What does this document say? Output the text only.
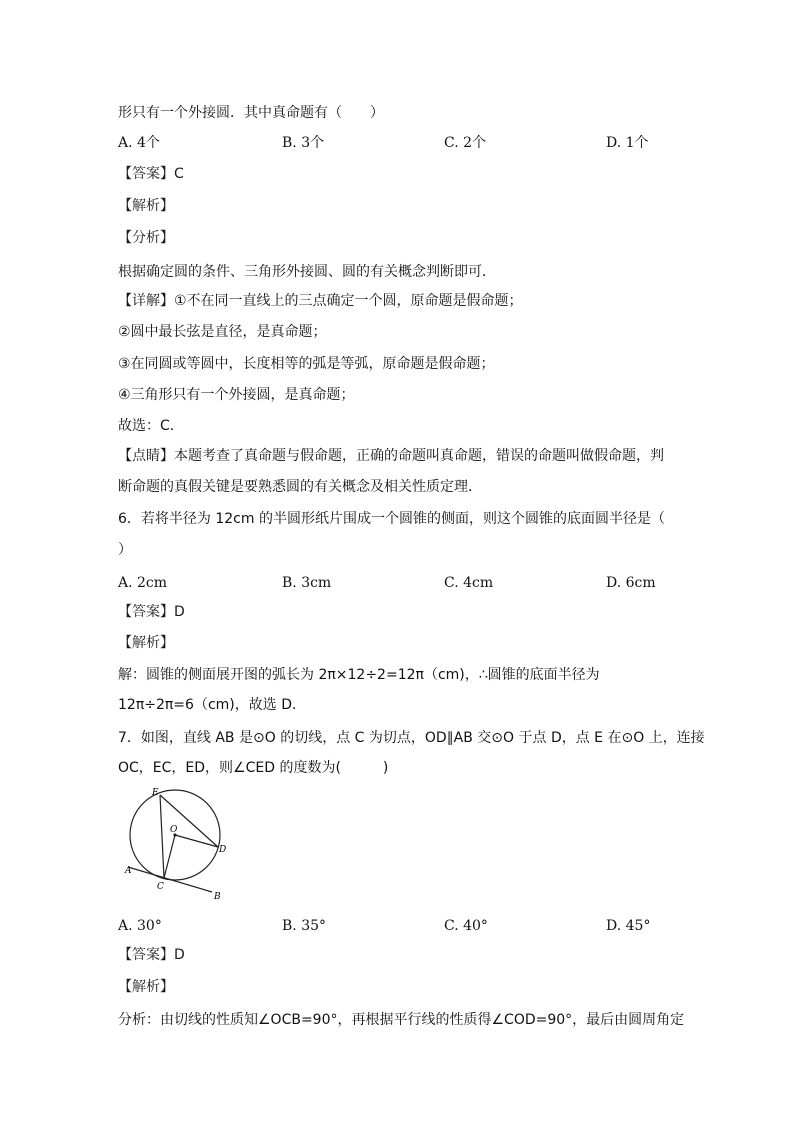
形只有一个外接圆．其中真命题有（　　）
A. 4个	B. 3个	C. 2个	D. 1个
【答案】C
【解析】
【分析】
根据确定圆的条件、三角形外接圆、圆的有关概念判断即可．
【详解】①不在同一直线上的三点确定一个圆，原命题是假命题；
②圆中最长弦是直径，是真命题；
③在同圆或等圆中，长度相等的弧是等弧，原命题是假命题；
④三角形只有一个外接圆，是真命题；
故选：C．
【点睛】本题考查了真命题与假命题，正确的命题叫真命题，错误的命题叫做假命题，判
断命题的真假关键是要熟悉圆的有关概念及相关性质定理．
6．若将半径为 12cm 的半圆形纸片围成一个圆锥的侧面，则这个圆锥的底面圆半径是（
）
A. 2cm	B. 3cm	C. 4cm	D. 6cm
【答案】D
【解析】
解：圆锥的侧面展开图的弧长为 2π×12÷2=12π（cm)，∴圆锥的底面半径为
12π÷2π=6（cm)，故选 D．
7．如图，直线 AB 是⊙O 的切线，点 C 为切点，OD∥AB 交⊙O 于点 D，点 E 在⊙O 上，连接
OC，EC，ED，则∠CED 的度数为(　　　)
E
O
D
A
C
B
A. 30°	B. 35°	C. 40°	D. 45°
【答案】D
【解析】
分析：由切线的性质知∠OCB=90°，再根据平行线的性质得∠COD=90°，最后由圆周角定
